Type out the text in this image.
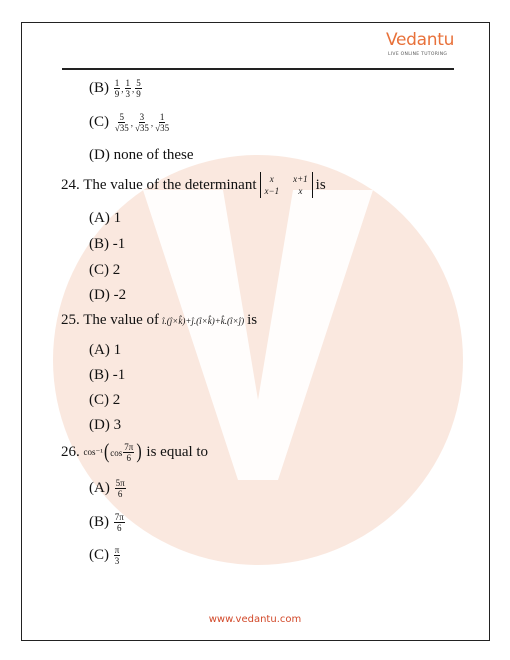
Vedantu
LIVE ONLINE TUTORING
(B)
$\frac{1}{9}$ , $\frac{1}{3}$ , $\frac{5}{9}$
(C)
$\frac{5}{√35}$ , $\frac{3}{√35}$ , $\frac{1}{√35}$
(D) none of these
24. The value of the determinant	x	x+1
x−1	x is
(A) 1
(B) -1
(C) 2
(D) -2
25. The value of î.(ĵ×k̂)+ĵ.(î×k̂)+k̂.(î×ĵ) is
(A) 1
(B) -1
(C) 2
(D) 3
26.
cos⁻¹ ( $\cos \frac{7\pi}{6}$ )
is equal to
(A)
$\frac{5\pi}{6}$
(B)
$\frac{7\pi}{6}$
(C)
$\frac{\pi}{3}$
www.vedantu.com
